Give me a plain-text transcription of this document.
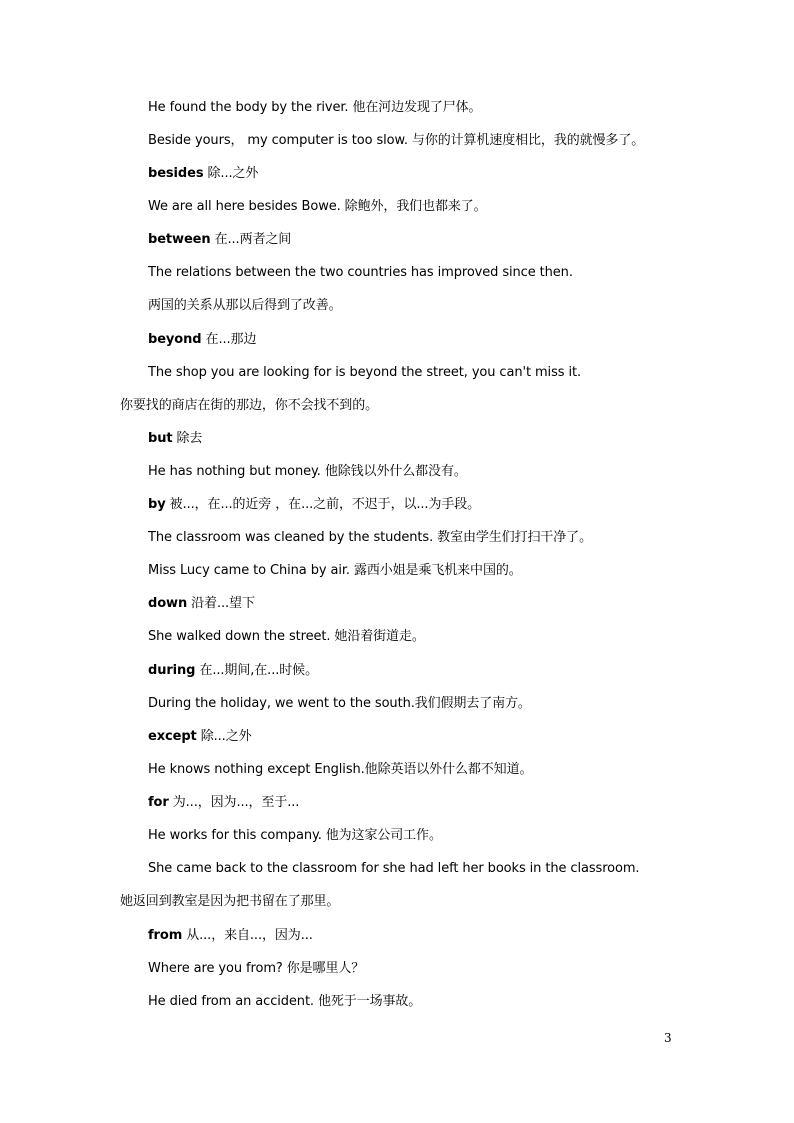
He found the body by the river. 他在河边发现了尸体。
Beside yours， my computer is too slow. 与你的计算机速度相比，我的就慢多了。
besides 除...之外
We are all here besides Bowe. 除鲍外，我们也都来了。
between 在...两者之间
The relations between the two countries has improved since then.
两国的关系从那以后得到了改善。
beyond 在...那边
The shop you are looking for is beyond the street, you can't miss it.
你要找的商店在街的那边，你不会找不到的。
but 除去
He has nothing but money. 他除钱以外什么都没有。
by 被...，在...的近旁 ，在...之前，不迟于，以...为手段。
The classroom was cleaned by the students. 教室由学生们打扫干净了。
Miss Lucy came to China by air. 露西小姐是乘飞机来中国的。
down 沿着...望下
She walked down the street. 她沿着街道走。
during 在...期间,在...时候。
During the holiday, we went to the south.我们假期去了南方。
except 除...之外
He knows nothing except English.他除英语以外什么都不知道。
for 为...，因为...，至于...
He works for this company. 他为这家公司工作。
She came back to the classroom for she had left her books in the classroom.
她返回到教室是因为把书留在了那里。
from 从...，来自...，因为...
Where are you from? 你是哪里人？
He died from an accident. 他死于一场事故。
3
